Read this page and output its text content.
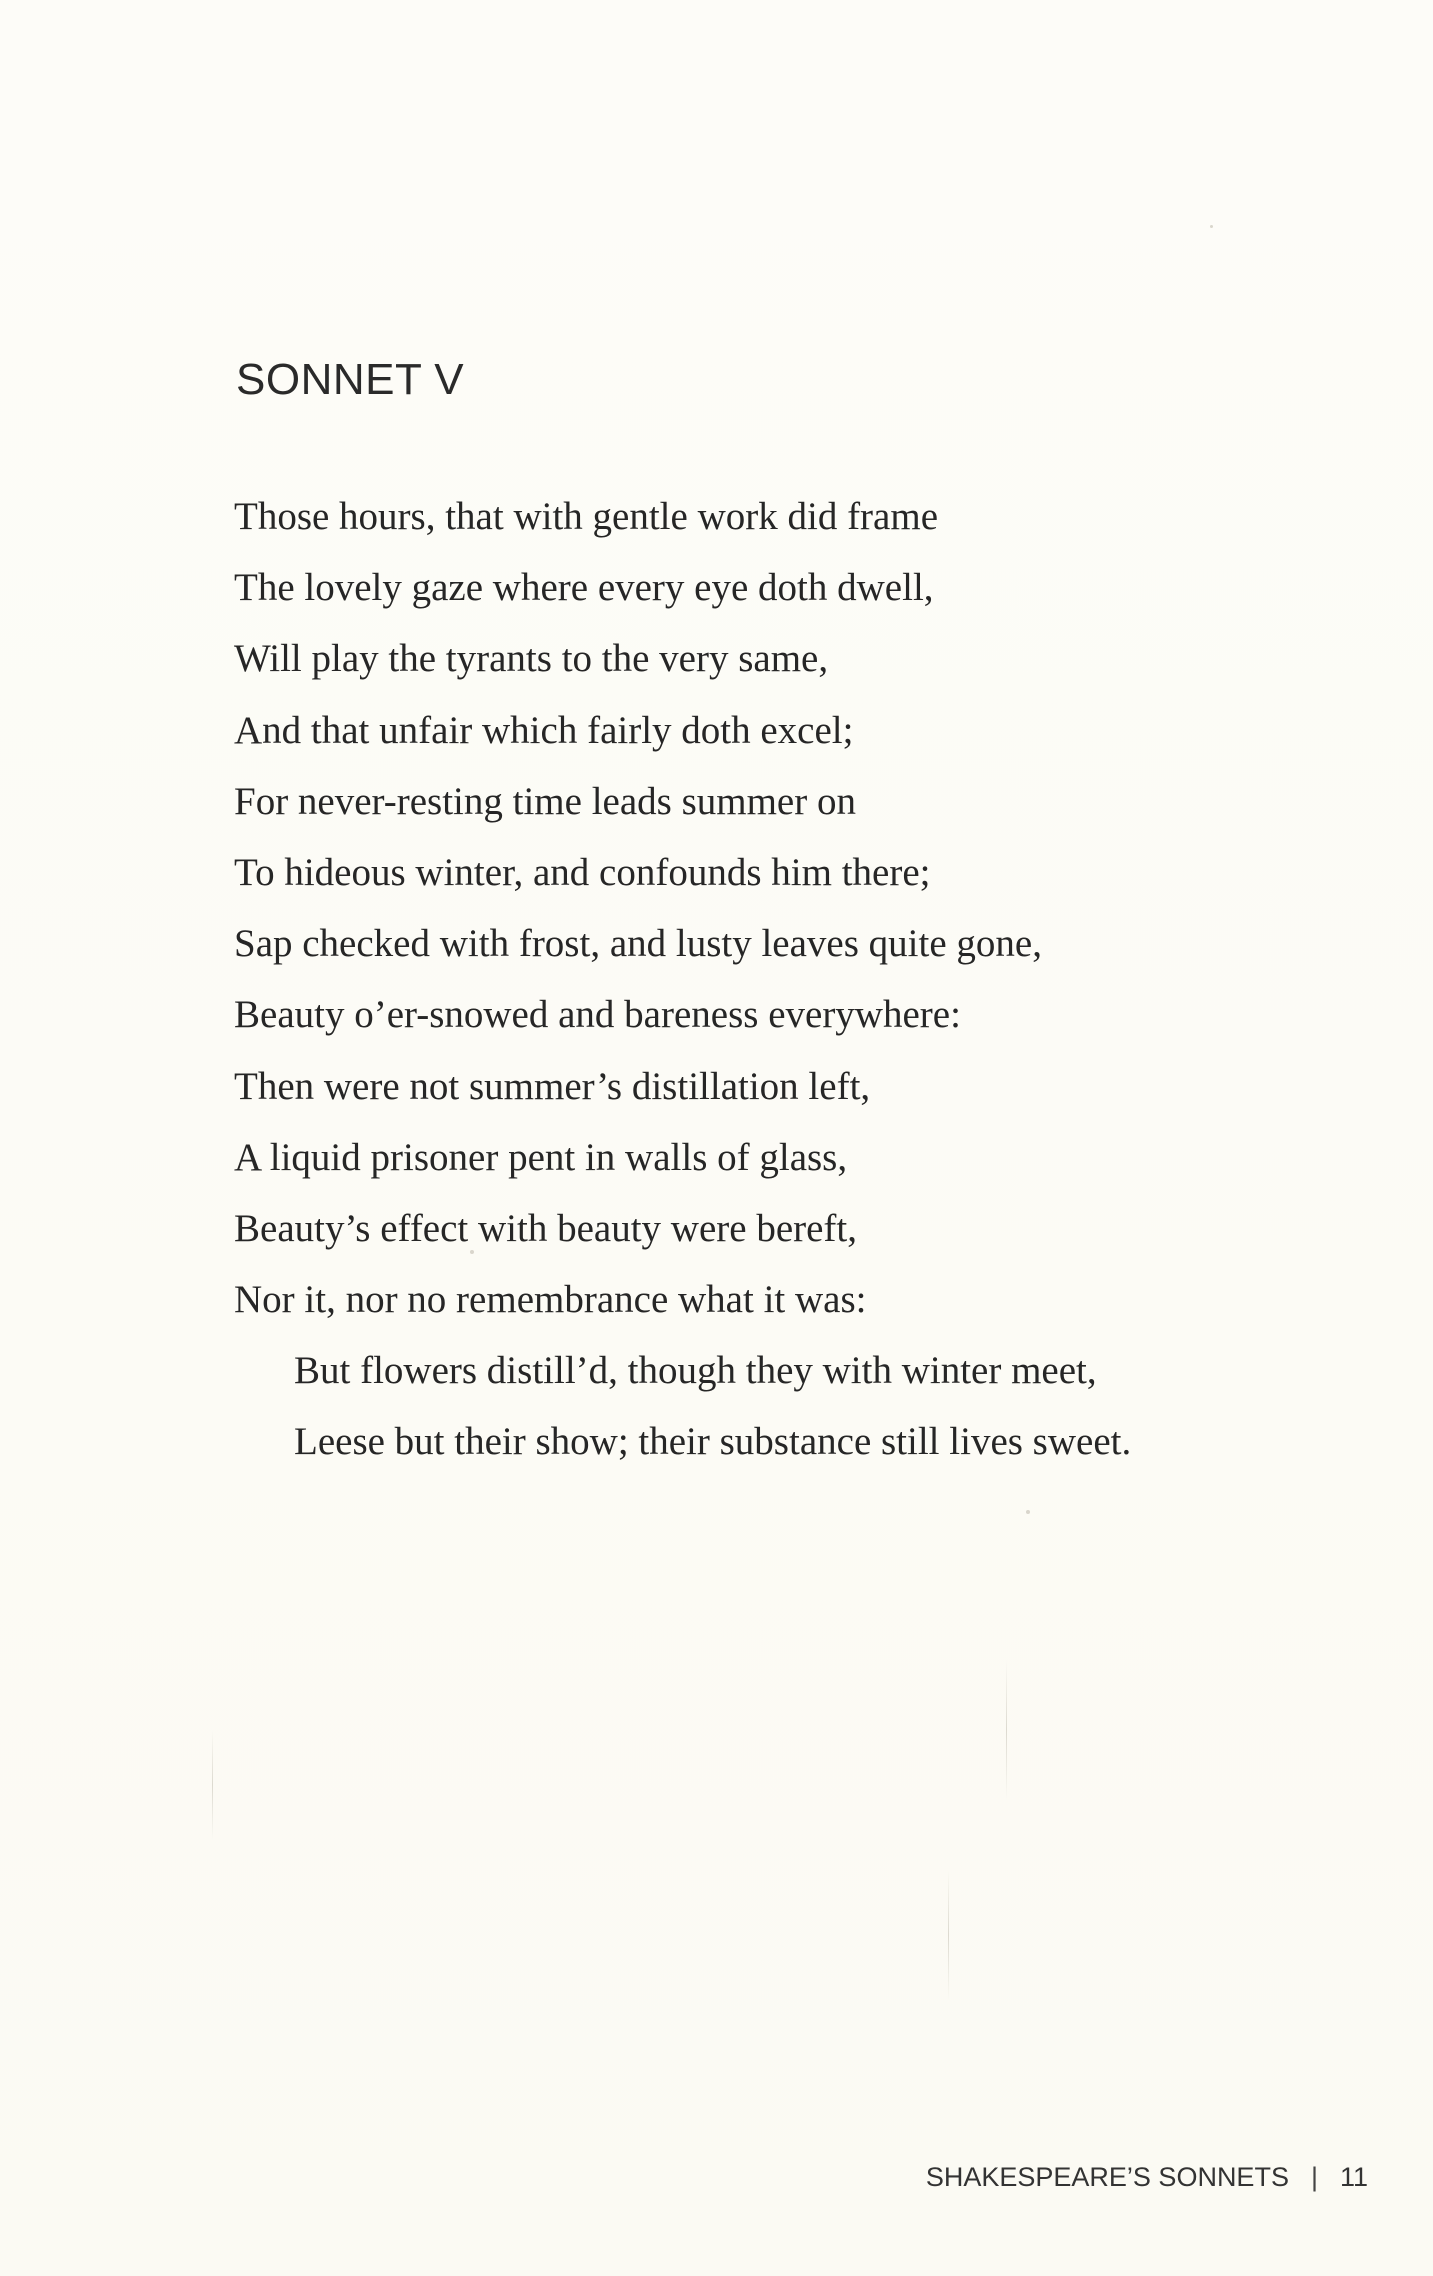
SONNET V
Those hours, that with gentle work did frame
The lovely gaze where every eye doth dwell,
Will play the tyrants to the very same,
And that unfair which fairly doth excel;
For never-resting time leads summer on
To hideous winter, and confounds him there;
Sap checked with frost, and lusty leaves quite gone,
Beauty o’er-snowed and bareness everywhere:
Then were not summer’s distillation left,
A liquid prisoner pent in walls of glass,
Beauty’s effect with beauty were bereft,
Nor it, nor no remembrance what it was:
But flowers distill’d, though they with winter meet,
Leese but their show; their substance still lives sweet.
SHAKESPEARE’S SONNETS | 11
